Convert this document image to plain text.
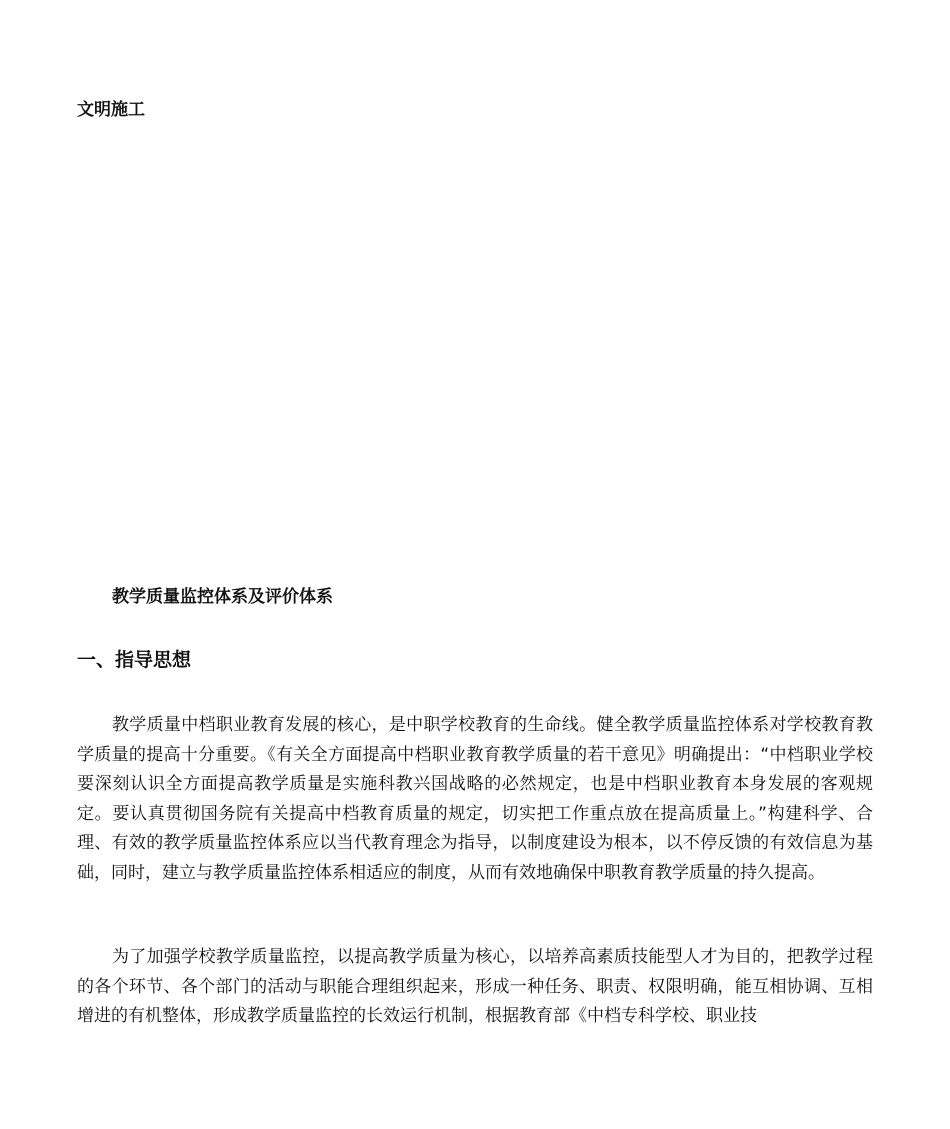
文明施工
教学质量监控体系及评价体系
一、指导思想

教学质量中档职业教育发展的核心，是中职学校教育的生命线。健全教学质量监控体系对学校教育教学质量的提高十分重要。《有关全方面提高中档职业教育教学质量的若干意见》明确提出：“中档职业学校要深刻认识全方面提高教学质量是实施科教兴国战略的必然规定，也是中档职业教育本身发展的客观规定。要认真贯彻国务院有关提高中档教育质量的规定，切实把工作重点放在提高质量上。”构建科学、合理、有效的教学质量监控体系应以当代教育理念为指导，以制度建设为根本，以不停反馈的有效信息为基础，同时，建立与教学质量监控体系相适应的制度，从而有效地确保中职教育教学质量的持久提高。

为了加强学校教学质量监控，以提高教学质量为核心，以培养高素质技能型人才为目的，把教学过程的各个环节、各个部门的活动与职能合理组织起来，形成一种任务、职责、权限明确，能互相协调、互相增进的有机整体，形成教学质量监控的长效运行机制，根据教育部《中档专科学校、职业技
